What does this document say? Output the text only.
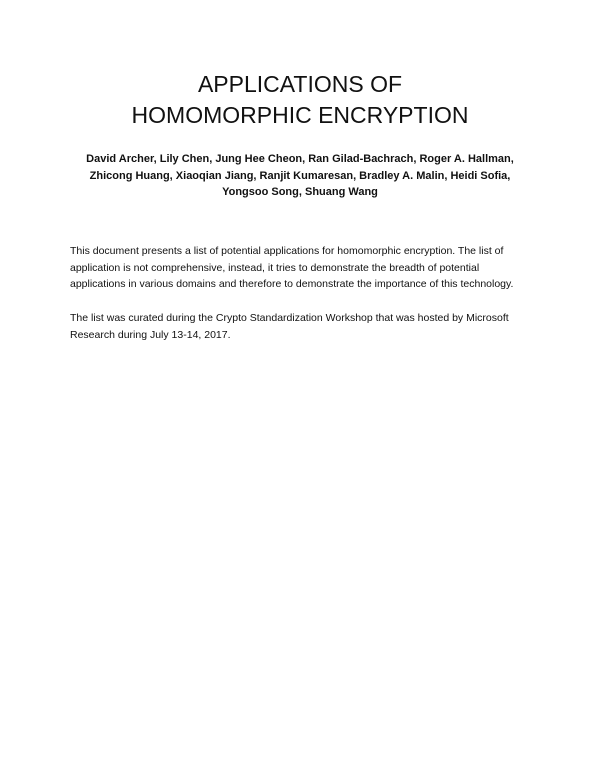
APPLICATIONS OF
HOMOMORPHIC ENCRYPTION
David Archer, Lily Chen, Jung Hee Cheon, Ran Gilad-Bachrach, Roger A. Hallman,
Zhicong Huang, Xiaoqian Jiang, Ranjit Kumaresan, Bradley A. Malin, Heidi Sofia,
Yongsoo Song, Shuang Wang
This document presents a list of potential applications for homomorphic encryption. The list of
application is not comprehensive, instead, it tries to demonstrate the breadth of potential
applications in various domains and therefore to demonstrate the importance of this technology.
The list was curated during the Crypto Standardization Workshop that was hosted by Microsoft
Research during July 13-14, 2017.
